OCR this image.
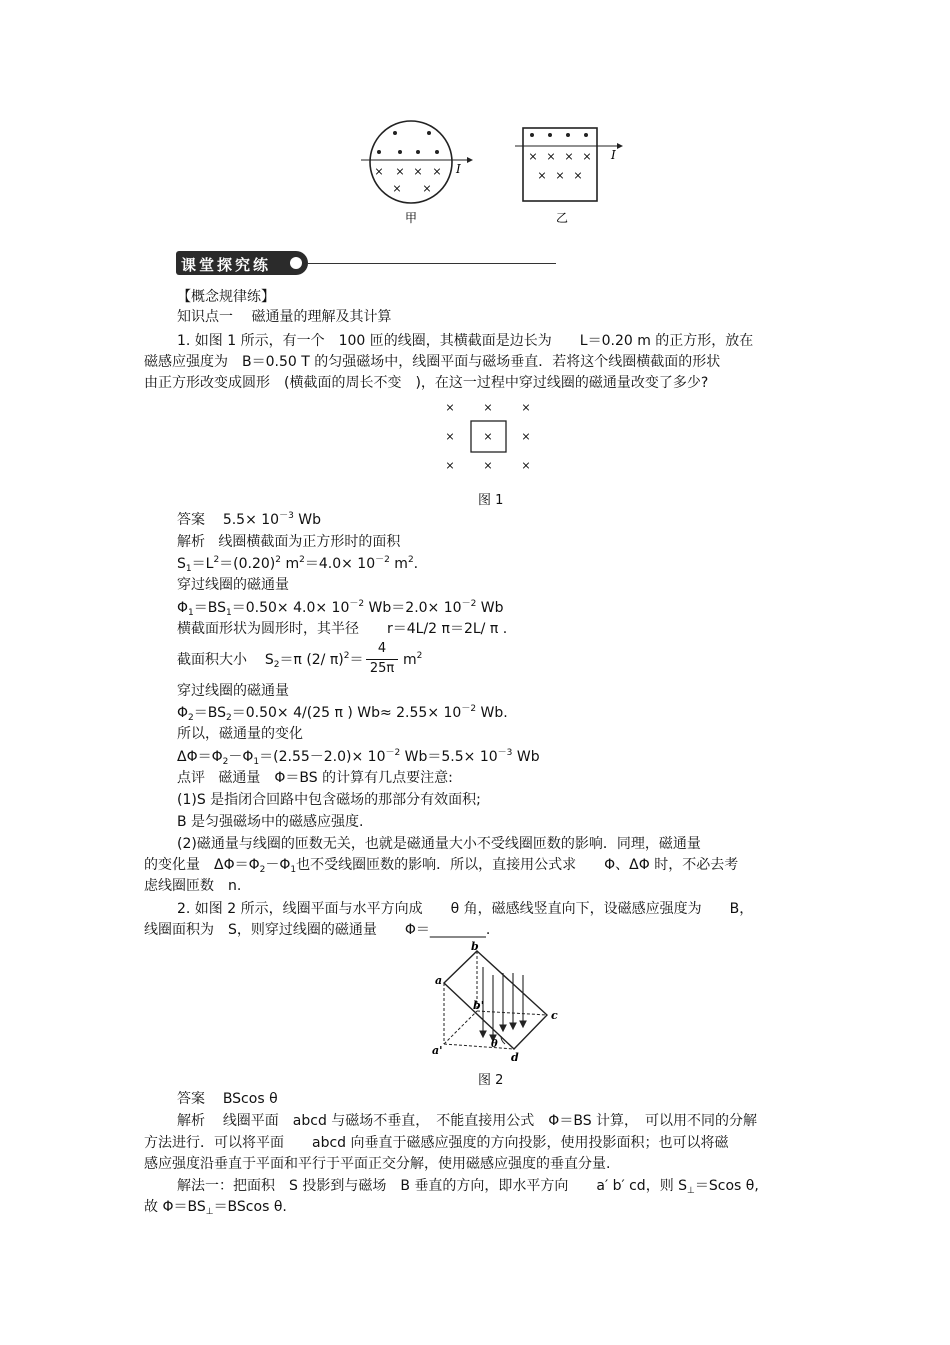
× × × ×
× ×
I
甲
× × × ×
× × ×
I
乙
课堂探究练
【概念规律练】
知识点一　 磁通量的理解及其计算
1. 如图 1 所示，有一个　100 匝的线圈，其横截面是边长为　　L＝0.20 m 的正方形，放在
磁感应强度为　B＝0.50 T 的匀强磁场中，线圈平面与磁场垂直．若将这个线圈横截面的形状
由正方形改变成圆形　(横截面的周长不变　)，在这一过程中穿过线圈的磁通量改变了多少?
×	×	×
×	×	×
×	×	×
图 1
答案 $5.5\times 10^{-3}$ Wb
解析 线圈横截面为正方形时的面积
$S_1=L^2=(0.20)^2$ $m^2=4.0\times 10^{-2}$ $m^2$.
穿过线圈的磁通量
$\Phi_1=BS_1=0.50\times 4.0\times 10^{-2}$ $Wb=2.0\times 10^{-2}$ Wb
横截面形状为圆形时，其半径　　r＝4L/2 π＝2L/ π .
截面积大小 $S_2=\pi$ (2/ π)$^2$＝
4
25π
$m^2$
穿过线圈的磁通量
$\Phi_2=BS_2=0.50\times 4/(25$ π ) $Wb\approx 2.55\times 10^{-2}$ Wb.
所以，磁通量的变化
$\Delta\Phi=\Phi_2-\Phi_1=(2.55-2.0)\times 10^{-2}$ $Wb=5.5\times 10^{-3}$ Wb
点评 磁通量　Φ＝BS 的计算有几点要注意:
(1)S 是指闭合回路中包含磁场的那部分有效面积;
B 是匀强磁场中的磁感应强度.
(2)磁通量与线圈的匝数无关，也就是磁通量大小不受线圈匝数的影响．同理，磁通量
的变化量　$\Delta\Phi=\Phi_2-\Phi_1$也不受线圈匝数的影响．所以，直接用公式求　　Φ、ΔΦ 时，不必去考
虑线圈匝数　n.
2. 如图 2 所示，线圈平面与水平方向成　　θ 角，磁感线竖直向下，设磁感应强度为　　B，
线圈面积为　S，则穿过线圈的磁通量　　Φ＝________.
b
a
c
d
a'
b'
θ
图 2
答案 BScos θ
解析 线圈平面　abcd 与磁场不垂直，　不能直接用公式　Φ＝BS 计算，　可以用不同的分解
方法进行．可以将平面　　abcd 向垂直于磁感应强度的方向投影，使用投影面积；也可以将磁
感应强度沿垂直于平面和平行于平面正交分解，使用磁感应强度的垂直分量.
解法一：把面积　S 投影到与磁场　B 垂直的方向，即水平方向　　a′ b′ cd，则 $S_\perp=Scos$ θ,
故 $\Phi=BS_\perp=BScos$ θ.
